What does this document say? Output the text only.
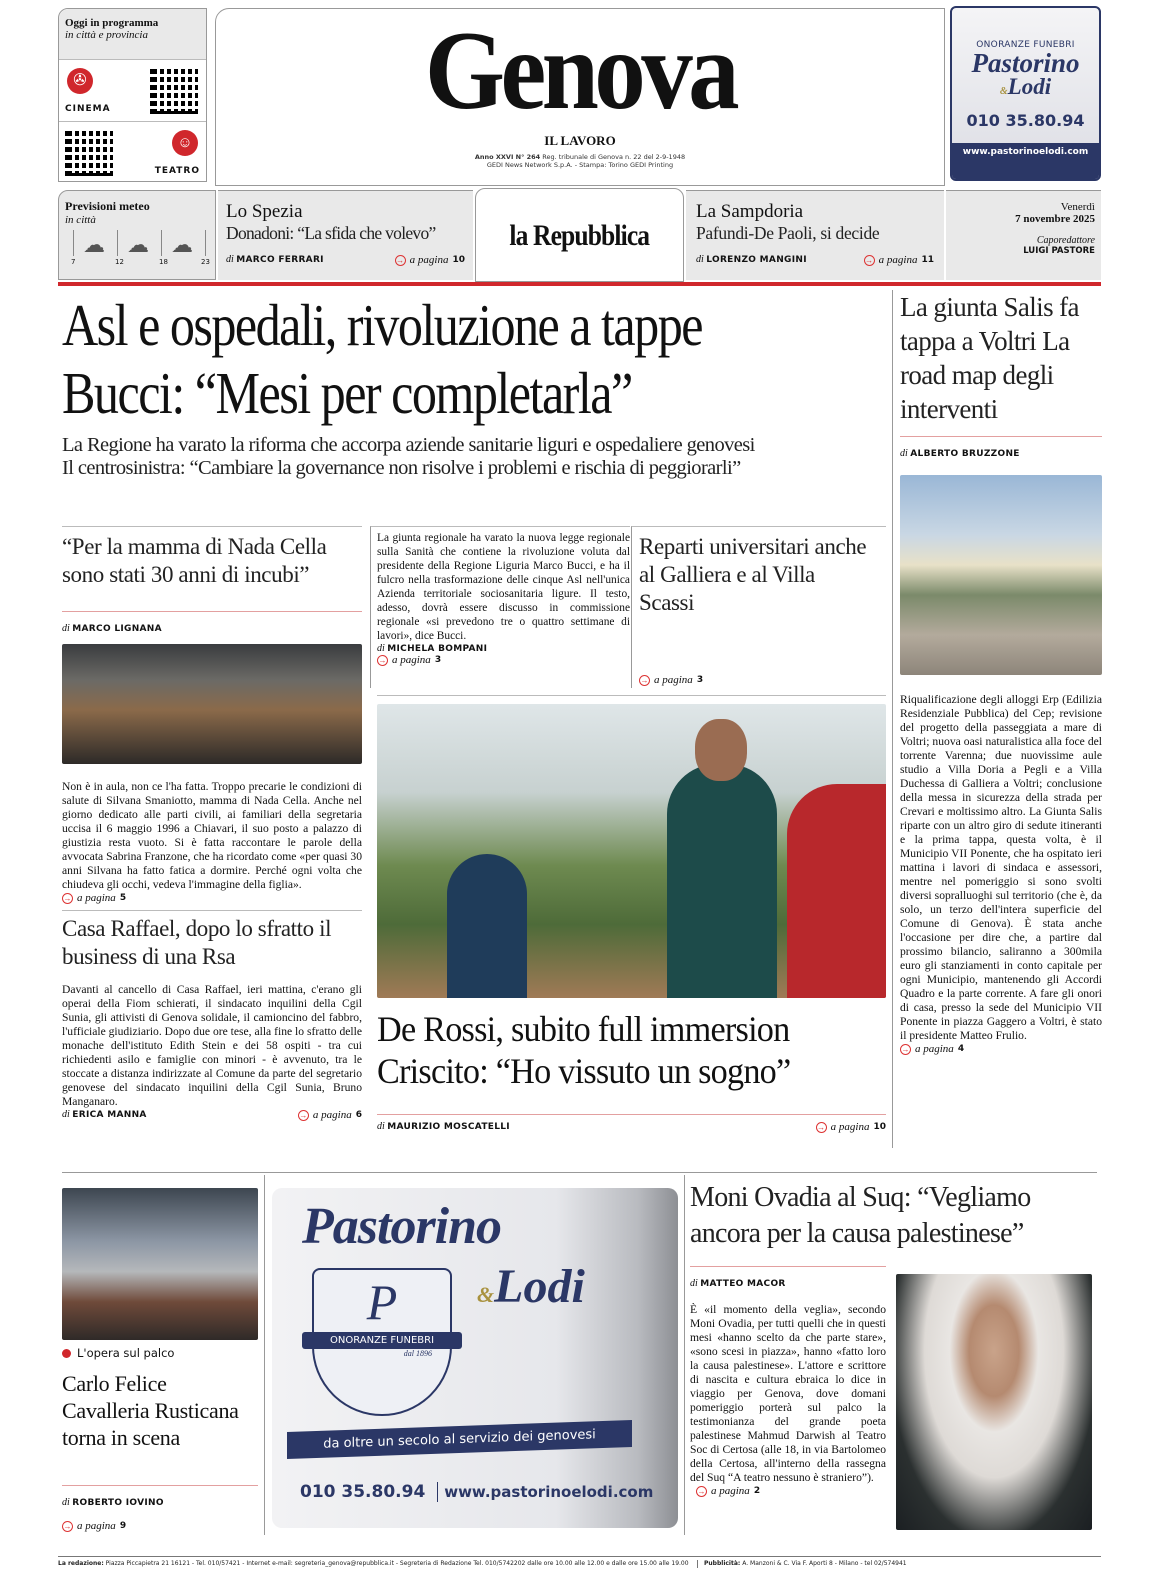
Oggi in programma
in città e provincia
✇
CINEMA
☺
TEATRO
Genova
IL LAVORO
Anno XXVI N° 264 Reg. tribunale di Genova n. 22 del 2-9-1948
GEDI News Network S.p.A. - Stampa: Torino GEDI Printing
ONORANZE FUNEBRI
Pastorino
&Lodi
010 35.80.94
www.pastorinoelodi.com
Previsioni meteo
in città
☁ ☁ ☁
7	12	18	23
Lo Spezia
Donadoni: “La sfida che volevo”
di MARCO FERRARI	→ a pagina 10
la Repubblica
La Sampdoria
Pafundi-De Paoli, si decide
di LORENZO MANGINI	→ a pagina 11
Venerdì
7 novembre 2025
Caporedattore
LUIGI PASTORE
Asl e ospedali, rivoluzione a tappe
Bucci: “Mesi per completarla”
La Regione ha varato la riforma che accorpa aziende sanitarie liguri e ospedaliere genovesi
Il centrosinistra: “Cambiare la governance non risolve i problemi e rischia di peggiorarli”
“Per la mamma di Nada Cella sono stati 30 anni di incubi”
di MARCO LIGNANA
Non è in aula, non ce l'ha fatta. Troppo precarie le condizioni di salute di Silvana Smaniotto, mamma di Nada Cella. Anche nel giorno dedicato alle parti civili, ai familiari della segretaria uccisa il 6 maggio 1996 a Chiavari, il suo posto a palazzo di giustizia resta vuoto. Si è fatta raccontare le parole della avvocata Sabrina Franzone, che ha ricordato come «per quasi 30 anni Silvana ha fatto fatica a dormire. Perché ogni volta che chiudeva gli occhi, vedeva l'immagine della figlia».
→ a pagina 5
Casa Raffael, dopo lo sfratto il business di una Rsa
Davanti al cancello di Casa Raffael, ieri mattina, c'erano gli operai della Fiom schierati, il sindacato inquilini della Cgil Sunia, gli attivisti di Genova solidale, il camioncino del fabbro, l'ufficiale giudiziario. Dopo due ore tese, alla fine lo sfratto delle monache dell'istituto Edith Stein e dei 58 ospiti - tra cui richiedenti asilo e famiglie con minori - è avvenuto, tra le stoccate a distanza indirizzate al Comune da parte del segretario genovese del sindacato inquilini della Cgil Sunia, Bruno Manganaro.
di ERICA MANNA	→ a pagina 6
La giunta regionale ha varato la nuova legge regionale sulla Sanità che contiene la rivoluzione voluta dal presidente della Regione Liguria Marco Bucci, e ha il fulcro nella trasformazione delle cinque Asl nell'unica Azienda territoriale sociosanitaria ligure. Il testo, adesso, dovrà essere discusso in commissione regionale «si prevedono tre o quattro settimane di lavori», dice Bucci.
di MICHELA BOMPANI
→ a pagina 3
Reparti universitari anche al Galliera e al Villa Scassi
→ a pagina 3
De Rossi, subito full immersion
Criscito: “Ho vissuto un sogno”
di MAURIZIO MOSCATELLI	→ a pagina 10
La giunta Salis fa tappa a Voltri La road map degli interventi
di ALBERTO BRUZZONE
Riqualificazione degli alloggi Erp (Edilizia Residenziale Pubblica) del Cep; revisione del progetto della passeggiata a mare di Voltri; nuova oasi naturalistica alla foce del torrente Varenna; due nuovissime aule studio a Villa Doria a Pegli e a Villa Duchessa di Galliera a Voltri; conclusione della messa in sicurezza della strada per Crevari e moltissimo altro. La Giunta Salis riparte con un altro giro di sedute itineranti e la prima tappa, questa volta, è il Municipio VII Ponente, che ha ospitato ieri mattina i lavori di sindaca e assessori, mentre nel pomeriggio si sono svolti diversi sopralluoghi sul territorio (che è, da solo, un terzo dell'intera superficie del Comune di Genova). È stata anche l'occasione per dire che, a partire dal prossimo bilancio, saliranno a 300mila euro gli stanziamenti in conto capitale per ogni Municipio, mantenendo gli Accordi Quadro e la parte corrente. A fare gli onori di casa, presso la sede del Municipio VII Ponente in piazza Gaggero a Voltri, è stato il presidente Matteo Frulio.
→ a pagina 4
L'opera sul palco
Carlo Felice Cavalleria Rusticana torna in scena
di ROBERTO IOVINO
→ a pagina 9
Pastorino
&Lodi
P
ONORANZE FUNEBRI
dal 1896
da oltre un secolo al servizio dei genovesi
010 35.80.94 www.pastorinoelodi.com
Moni Ovadia al Suq: “Vegliamo ancora per la causa palestinese”
di MATTEO MACOR
È «il momento della veglia», secondo Moni Ovadia, per tutti quelli che in questi mesi «hanno scelto da che parte stare», «sono scesi in piazza», hanno «fatto loro la causa palestinese». L'attore e scrittore di nascita e cultura ebraica lo dice in viaggio per Genova, dove domani pomeriggio porterà sul palco la testimonianza del grande poeta palestinese Mahmud Darwish al Teatro Soc di Certosa (alle 18, in via Bartolomeo della Certosa, all'interno della rassegna del Suq “A teatro nessuno è straniero”).
→ a pagina 2
La redazione: Piazza Piccapietra 21 16121 - Tel. 010/57421 - Internet e-mail: segreteria_genova@repubblica.it - Segreteria di Redazione Tel. 010/5742202 dalle ore 10.00 alle 12.00 e dalle ore 15.00 alle 19.00	Pubblicità: A. Manzoni & C. Via F. Aporti 8 - Milano - tel 02/574941
